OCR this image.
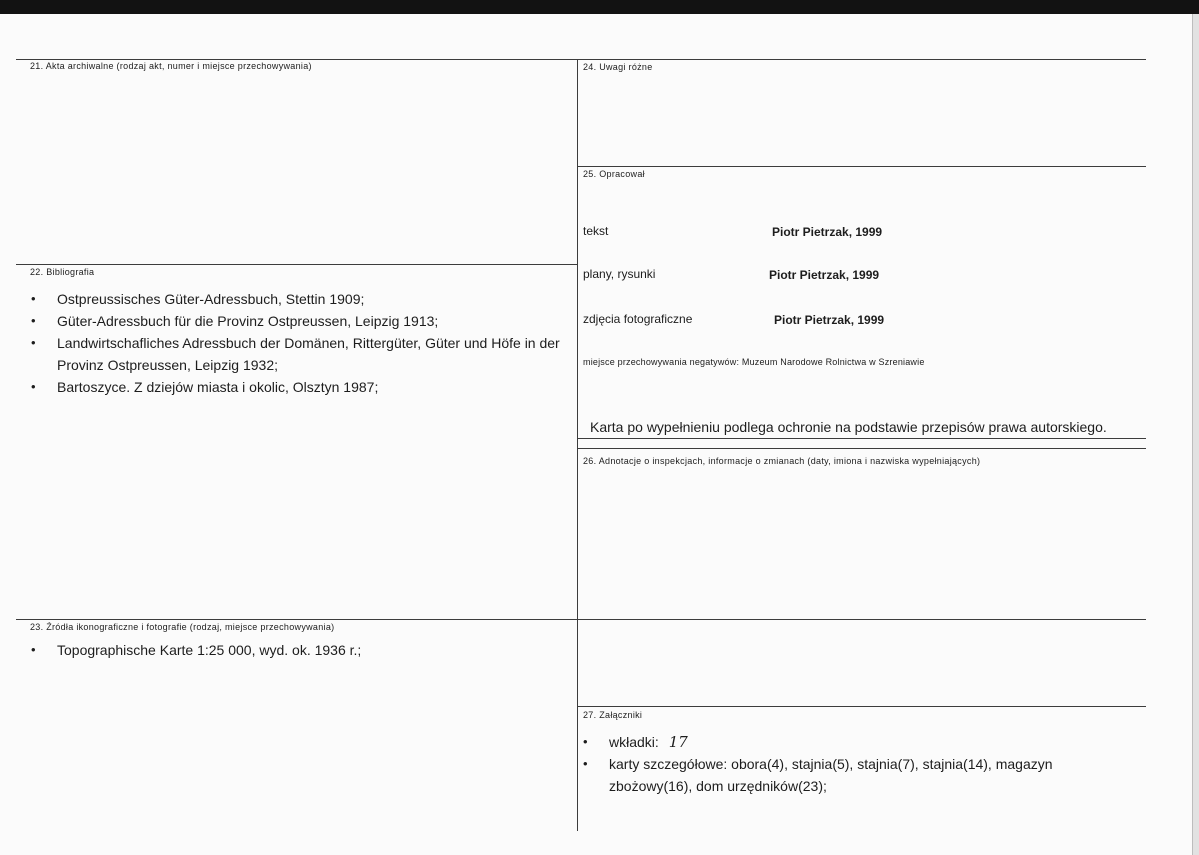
21. Akta archiwalne (rodzaj akt, numer i miejsce przechowywania)
22. Bibliografia
• Ostpreussisches Güter-Adressbuch, Stettin 1909;
• Güter-Adressbuch für die Provinz Ostpreussen, Leipzig 1913;
• Landwirtschafliches Adressbuch der Domänen, Rittergüter, Güter und Höfe in der Provinz Ostpreussen, Leipzig 1932;
• Bartoszyce. Z dziejów miasta i okolic, Olsztyn 1987;
23. Źródła ikonograficzne i fotografie (rodzaj, miejsce przechowywania)
• Topographische Karte 1:25 000, wyd. ok. 1936 r.;
24. Uwagi różne
25. Opracował
tekst	Piotr Pietrzak, 1999
plany, rysunki	Piotr Pietrzak, 1999
zdjęcia fotograficzne	Piotr Pietrzak, 1999
miejsce przechowywania negatywów: Muzeum Narodowe Rolnictwa w Szreniawie
Karta po wypełnieniu podlega ochronie na podstawie przepisów prawa autorskiego.
26. Adnotacje o inspekcjach, informacje o zmianach (daty, imiona i nazwiska wypełniających)
27. Załączniki
• wkładki: 17
• karty szczegółowe: obora(4), stajnia(5), stajnia(7), stajnia(14), magazyn zbożowy(16), dom urzędników(23);
